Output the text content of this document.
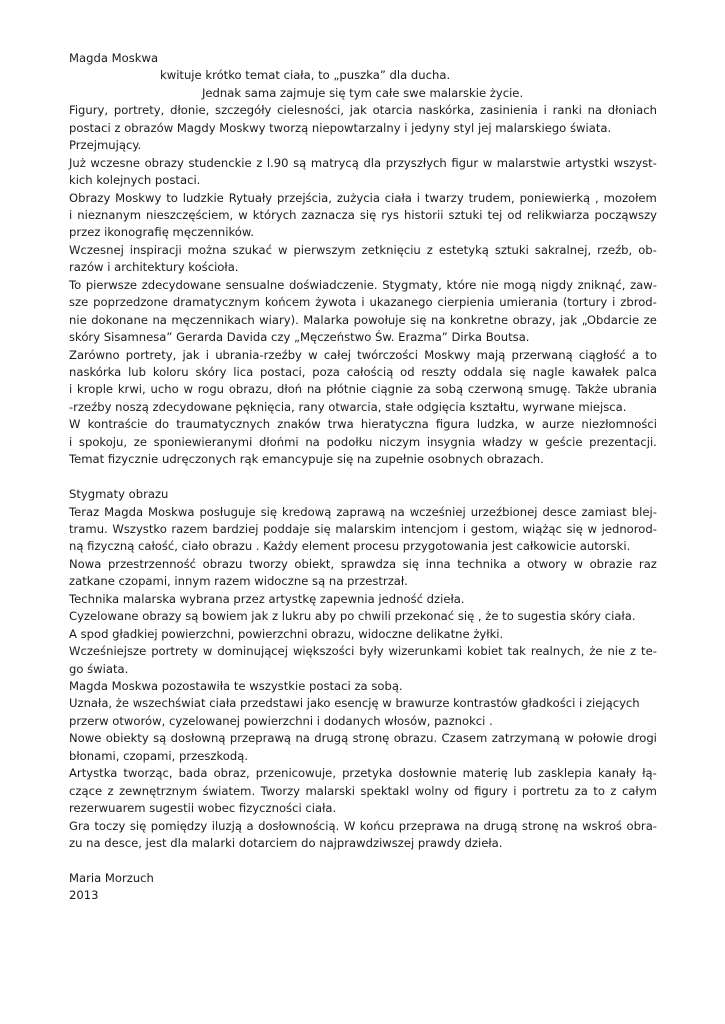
Magda Moskwa
kwituje krótko temat ciała, to „puszka” dla ducha.
Jednak sama zajmuje się tym całe swe malarskie życie.
Figury, portrety, dłonie, szczegóły cielesności, jak otarcia naskórka, zasinienia i ranki na dłoniach
postaci z obrazów Magdy Moskwy tworzą niepowtarzalny i jedyny styl jej malarskiego świata.
Przejmujący.
Już wczesne obrazy studenckie z l.90 są matrycą dla przyszłych figur w malarstwie artystki wszyst-
kich kolejnych postaci.
Obrazy Moskwy to ludzkie Rytuały przejścia, zużycia ciała i twarzy trudem, poniewierką , mozołem
i nieznanym nieszczęściem, w których zaznacza się rys historii sztuki tej od relikwiarza począwszy
przez ikonografię męczenników.
Wczesnej inspiracji można szukać w pierwszym zetknięciu z estetyką sztuki sakralnej, rzeźb, ob-
razów i architektury kościoła.
To pierwsze zdecydowane sensualne doświadczenie. Stygmaty, które nie mogą nigdy zniknąć, zaw-
sze poprzedzone dramatycznym końcem żywota i ukazanego cierpienia umierania (tortury i zbrod-
nie dokonane na męczennikach wiary). Malarka powołuje się na konkretne obrazy, jak „Obdarcie ze
skóry Sisamnesa” Gerarda Davida czy „Męczeństwo Św. Erazma” Dirka Boutsa.
Zarówno portrety, jak i ubrania-rzeźby w całej twórczości Moskwy mają przerwaną ciągłość a to
naskórka lub koloru skóry lica postaci, poza całością od reszty oddala się nagle kawałek palca
i krople krwi, ucho w rogu obrazu, dłoń na płótnie ciągnie za sobą czerwoną smugę. Także ubrania
-rzeźby noszą zdecydowane pęknięcia, rany otwarcia, stałe odgięcia kształtu, wyrwane miejsca.
W kontraście do traumatycznych znaków trwa hieratyczna figura ludzka, w aurze niezłomności
i spokoju, ze sponiewieranymi dłońmi na podołku niczym insygnia władzy w geście prezentacji.
Temat fizycznie udręczonych rąk emancypuje się na zupełnie osobnych obrazach.
Stygmaty obrazu
Teraz Magda Moskwa posługuje się kredową zaprawą na wcześniej urzeźbionej desce zamiast blej-
tramu. Wszystko razem bardziej poddaje się malarskim intencjom i gestom, wiążąc się w jednorod-
ną fizyczną całość, ciało obrazu . Każdy element procesu przygotowania jest całkowicie autorski.
Nowa przestrzenność obrazu tworzy obiekt, sprawdza się inna technika a otwory w obrazie raz
zatkane czopami, innym razem widoczne są na przestrzał.
Technika malarska wybrana przez artystkę zapewnia jedność dzieła.
Cyzelowane obrazy są bowiem jak z lukru aby po chwili przekonać się , że to sugestia skóry ciała.
A spod gładkiej powierzchni, powierzchni obrazu, widoczne delikatne żyłki.
Wcześniejsze portrety w dominującej większości były wizerunkami kobiet tak realnych, że nie z te-
go świata.
Magda Moskwa pozostawiła te wszystkie postaci za sobą.
Uznała, że wszechświat ciała przedstawi jako esencję w brawurze kontrastów gładkości i ziejących
przerw otworów, cyzelowanej powierzchni i dodanych włosów, paznokci .
Nowe obiekty są dosłowną przeprawą na drugą stronę obrazu. Czasem zatrzymaną w połowie drogi
błonami, czopami, przeszkodą.
Artystka tworząc, bada obraz, przenicowuje, przetyka dosłownie materię lub zasklepia kanały łą-
czące z zewnętrznym światem. Tworzy malarski spektakl wolny od figury i portretu za to z całym
rezerwuarem sugestii wobec fizyczności ciała.
Gra toczy się pomiędzy iluzją a dosłownością. W końcu przeprawa na drugą stronę na wskroś obra-
zu na desce, jest dla malarki dotarciem do najprawdziwszej prawdy dzieła.
Maria Morzuch
2013
